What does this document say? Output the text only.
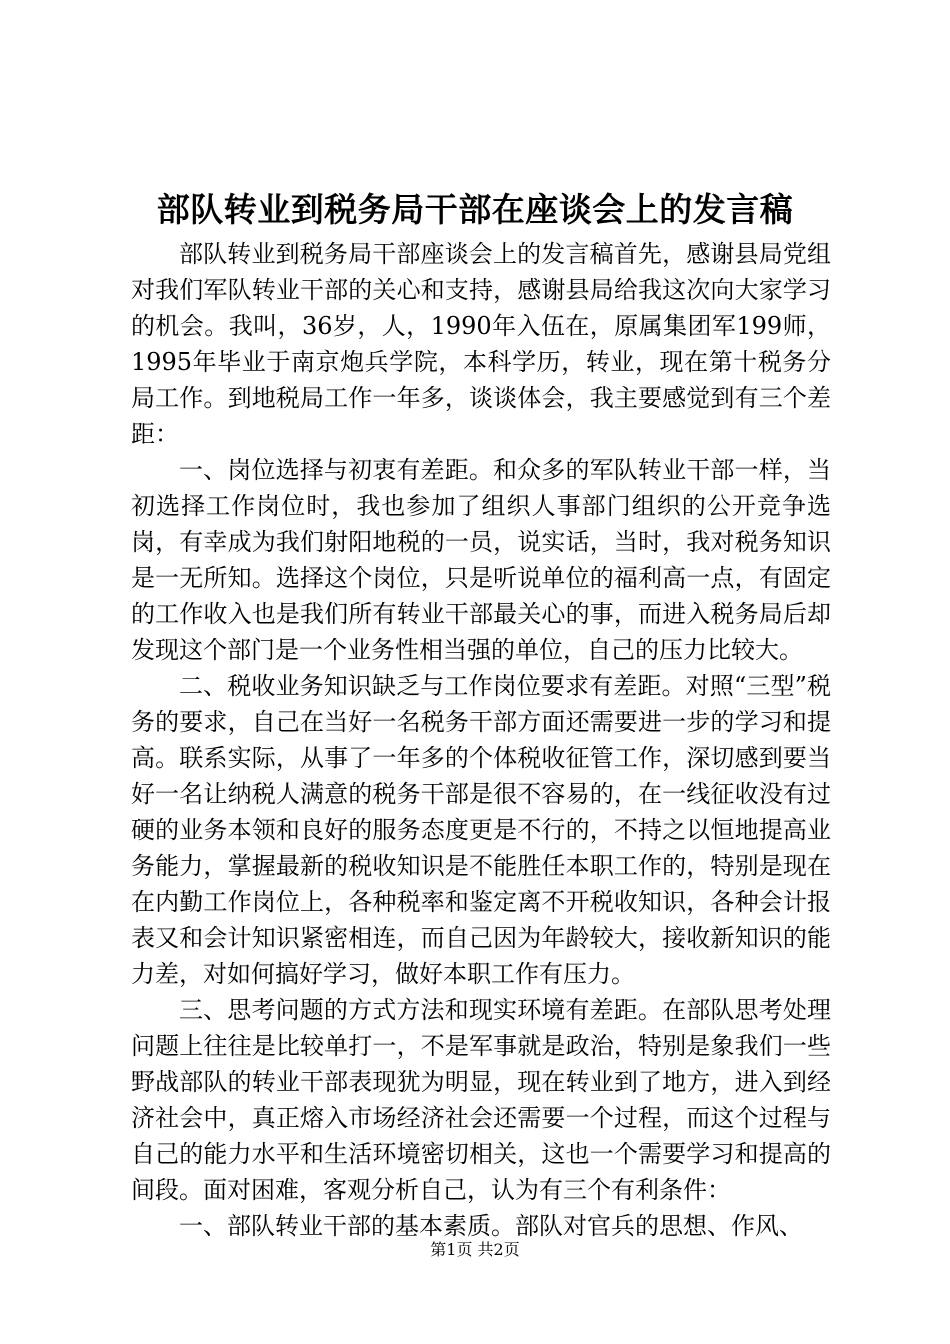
部队转业到税务局干部在座谈会上的发言稿

部队转业到税务局干部座谈会上的发言稿首先，感谢县局党组对我们军队转业干部的关心和支持，感谢县局给我这次向大家学习的机会。我叫，36岁，人，1990年入伍在，原属集团军199师，1995年毕业于南京炮兵学院，本科学历，转业，现在第十税务分局工作。到地税局工作一年多，谈谈体会，我主要感觉到有三个差距：

一、岗位选择与初衷有差距。和众多的军队转业干部一样，当初选择工作岗位时，我也参加了组织人事部门组织的公开竞争选岗，有幸成为我们射阳地税的一员，说实话，当时，我对税务知识是一无所知。选择这个岗位，只是听说单位的福利高一点，有固定的工作收入也是我们所有转业干部最关心的事，而进入税务局后却发现这个部门是一个业务性相当强的单位，自己的压力比较大。

二、税收业务知识缺乏与工作岗位要求有差距。对照“三型”税务的要求，自己在当好一名税务干部方面还需要进一步的学习和提高。联系实际，从事了一年多的个体税收征管工作，深切感到要当好一名让纳税人满意的税务干部是很不容易的，在一线征收没有过硬的业务本领和良好的服务态度更是不行的，不持之以恒地提高业务能力，掌握最新的税收知识是不能胜任本职工作的，特别是现在在内勤工作岗位上，各种税率和鉴定离不开税收知识，各种会计报表又和会计知识紧密相连，而自己因为年龄较大，接收新知识的能力差，对如何搞好学习，做好本职工作有压力。

三、思考问题的方式方法和现实环境有差距。在部队思考处理问题上往往是比较单打一，不是军事就是政治，特别是象我们一些野战部队的转业干部表现犹为明显，现在转业到了地方，进入到经济社会中，真正熔入市场经济社会还需要一个过程，而这个过程与自己的能力水平和生活环境密切相关，这也一个需要学习和提高的间段。面对困难，客观分析自己，认为有三个有利条件：

一、部队转业干部的基本素质。部队对官兵的思想、作风、

第1页 共2页
